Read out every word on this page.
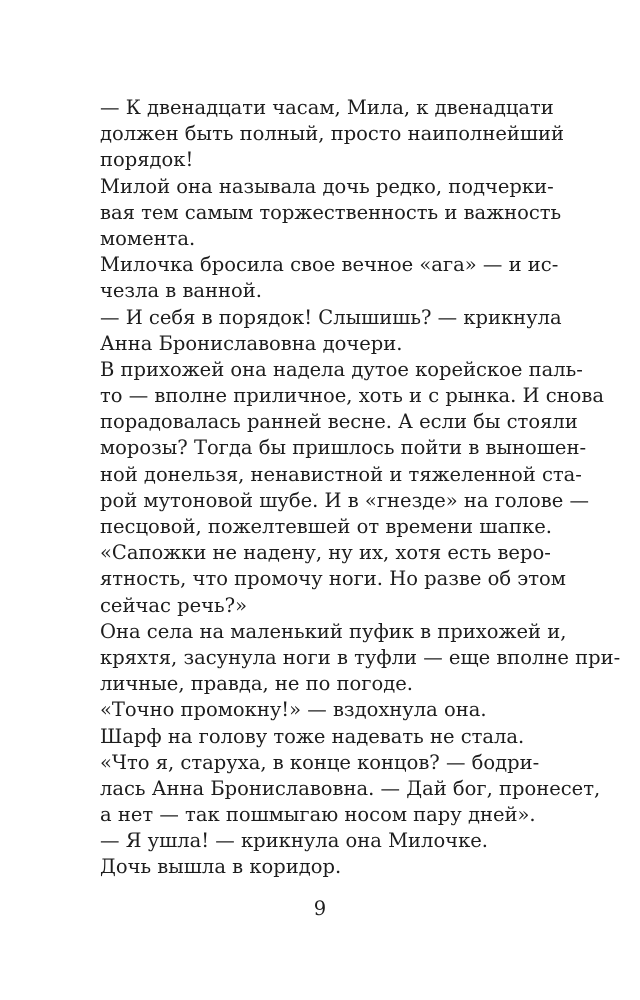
— К двенадцати часам, Мила, к двенадцати
должен быть полный, просто наиполнейший
порядок!
Милой она называла дочь редко, подчерки-
вая тем самым торжественность и важность
момента.
Милочка бросила свое вечное «ага» — и ис-
чезла в ванной.
— И себя в порядок! Слышишь? — крикнула
Анна Брониславовна дочери.
В прихожей она надела дутое корейское паль-
то — вполне приличное, хоть и с рынка. И снова
порадовалась ранней весне. А если бы стояли
морозы? Тогда бы пришлось пойти в выношен-
ной донельзя, ненавистной и тяжеленной ста-
рой мутоновой шубе. И в «гнезде» на голове —
песцовой, пожелтевшей от времени шапке.
«Сапожки не надену, ну их, хотя есть веро-
ятность, что промочу ноги. Но разве об этом
сейчас речь?»
Она села на маленький пуфик в прихожей и,
кряхтя, засунула ноги в туфли — еще вполне при-
личные, правда, не по погоде.
«Точно промокну!» — вздохнула она.
Шарф на голову тоже надевать не стала.
«Что я, старуха, в конце концов? — бодри-
лась Анна Брониславовна. — Дай бог, пронесет,
а нет — так пошмыгаю носом пару дней».
— Я ушла! — крикнула она Милочке.
Дочь вышла в коридор.
9
